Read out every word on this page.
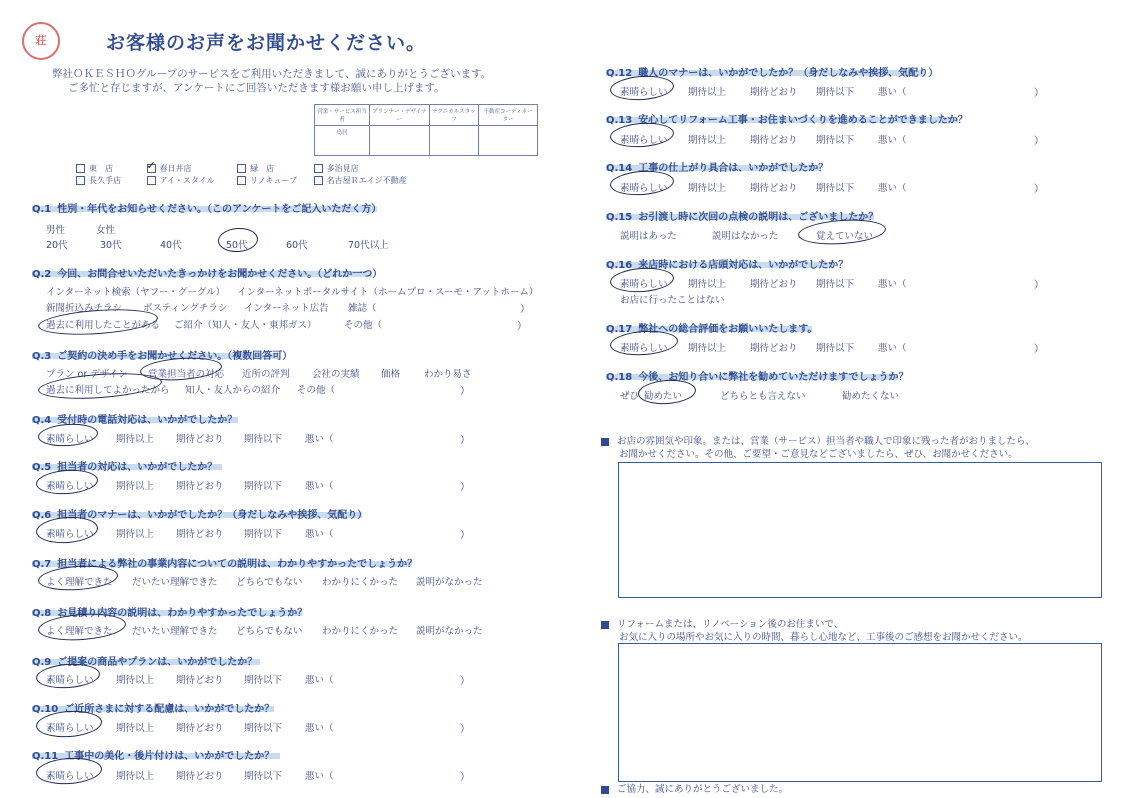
荘	お客様のお声をお聞かせください。
弊社ＯＫＥＳＨＯグループのサービスをご利用いただきまして、誠にありがとうございます。
ご多忙と存じますが、アンケートにご回答いただきます様お願い申し上げます。
営業・サービス担当者	プランナー・デザイナー	テクニカルスタッフ	不動産コーディネーター
鳥居			
東　店	✓ 春日井店	緑　店	多治見店
長久手店	アイ・スタイル	リノキューブ	名古屋Ｒエイジ不動産
Q.1 性別・年代をお知らせください。（このアンケートをご記入いただく方）
男性	女性
20代	30代	40代	50代	60代	70代以上
Q.2 今回、お問合せいただいたきっかけをお聞かせください。（どれか一つ）
インターネット検索（ヤフー・グーグル） インターネットポータルサイト（ホームプロ・スーモ・アットホーム）
新聞折込みチラシ ポスティングチラシ インターネット広告 雑誌（	）
過去に利用したことがある ご紹介（知人・友人・東邦ガス）	その他（	）
Q.3 ご契約の決め手をお聞かせください。（複数回答可）
プラン or デザイン 営業担当者の対応 近所の評判 会社の実績 価格	わかり易さ
過去に利用してよかったから 知人・友人からの紹介 その他（	）
Q.4 受付時の電話対応は、いかがでしたか？
素晴らしい 期待以上 期待どおり 期待以下 悪い（	）
Q.5 担当者の対応は、いかがでしたか？
素晴らしい 期待以上 期待どおり 期待以下 悪い（	）
Q.6 担当者のマナーは、いかがでしたか？（身だしなみや挨拶、気配り）
素晴らしい 期待以上 期待どおり 期待以下 悪い（	）
Q.7 担当者による弊社の事業内容についての説明は、わかりやすかったでしょうか？
よく理解できた だいたい理解できた どちらでもない わかりにくかった 説明がなかった
Q.8 お見積り内容の説明は、わかりやすかったでしょうか？
よく理解できた だいたい理解できた どちらでもない わかりにくかった 説明がなかった
Q.9 ご提案の商品やプランは、いかがでしたか？
素晴らしい 期待以上 期待どおり 期待以下 悪い（	）
Q.10 ご近所さまに対する配慮は、いかがでしたか？
素晴らしい 期待以上 期待どおり 期待以下 悪い（	）
Q.11 工事中の美化・後片付けは、いかがでしたか？
素晴らしい 期待以上 期待どおり 期待以下 悪い（	）
Q.12 職人のマナーは、いかがでしたか？（身だしなみや挨拶、気配り）
素晴らしい 期待以上	期待どおり 期待以下	悪い（	）
Q.13 安心してリフォーム工事・お住まいづくりを進めることができましたか？
素晴らしい 期待以上	期待どおり 期待以下	悪い（	）
Q.14 工事の仕上がり具合は、いかがでしたか？
素晴らしい 期待以上	期待どおり 期待以下	悪い（	）
Q.15 お引渡し時に次回の点検の説明は、ございましたか？
説明はあった	説明はなかった	覚えていない
Q.16 来店時における店頭対応は、いかがでしたか？
素晴らしい 期待以上	期待どおり 期待以下	悪い（	）
お店に行ったことはない
Q.17 弊社への総合評価をお願いいたします。
素晴らしい 期待以上	期待どおり 期待以下	悪い（	）
Q.18 今後、お知り合いに弊社を勧めていただけますでしょうか？
ぜひ 勧めたい	どちらとも言えない	勧めたくない
お店の雰囲気や印象。または、営業（サービス）担当者や職人で印象に残った者がおりましたら、
お聞かせください。その他、ご要望・ご意見などございましたら、ぜひ、お聞かせください。
リフォームまたは、リノベーション後のお住まいで、
お気に入りの場所やお気に入りの時間、暮らし心地など、工事後のご感想をお聞かせください。
ご協力、誠にありがとうございました。
